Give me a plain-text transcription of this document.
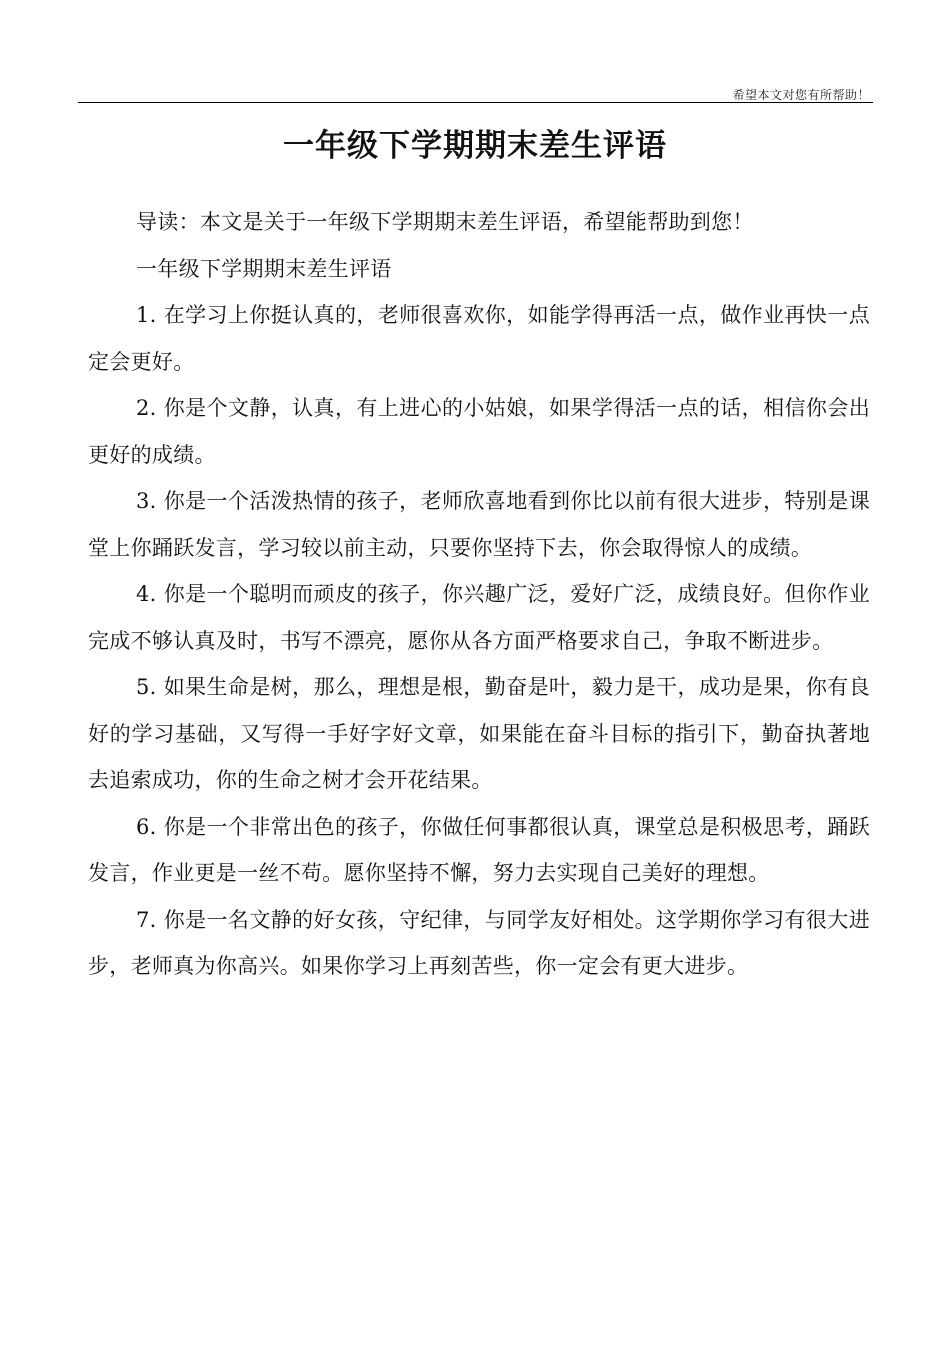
希望本文对您有所帮助！
一年级下学期期末差生评语

导读：本文是关于一年级下学期期末差生评语，希望能帮助到您！

一年级下学期期末差生评语

1. 在学习上你挺认真的，老师很喜欢你，如能学得再活一点，做作业再快一点定会更好。

2. 你是个文静，认真，有上进心的小姑娘，如果学得活一点的话，相信你会出更好的成绩。

3. 你是一个活泼热情的孩子，老师欣喜地看到你比以前有很大进步，特别是课堂上你踊跃发言，学习较以前主动，只要你坚持下去，你会取得惊人的成绩。

4. 你是一个聪明而顽皮的孩子，你兴趣广泛，爱好广泛，成绩良好。但你作业完成不够认真及时，书写不漂亮，愿你从各方面严格要求自己，争取不断进步。

5. 如果生命是树，那么，理想是根，勤奋是叶，毅力是干，成功是果，你有良好的学习基础，又写得一手好字好文章，如果能在奋斗目标的指引下，勤奋执著地去追索成功，你的生命之树才会开花结果。

6. 你是一个非常出色的孩子，你做任何事都很认真，课堂总是积极思考，踊跃发言，作业更是一丝不苟。愿你坚持不懈，努力去实现自己美好的理想。

7. 你是一名文静的好女孩，守纪律，与同学友好相处。这学期你学习有很大进步，老师真为你高兴。如果你学习上再刻苦些，你一定会有更大进步。
